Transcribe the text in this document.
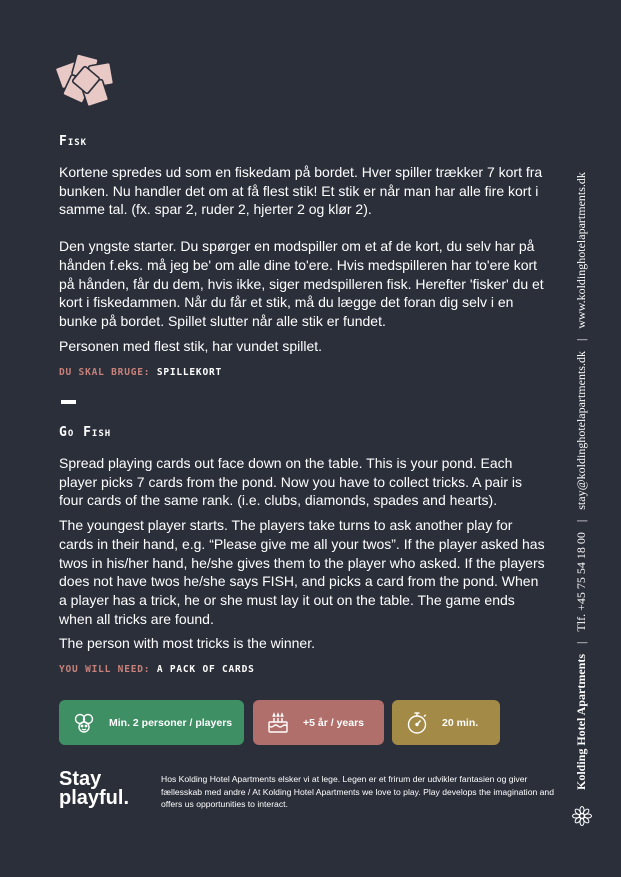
Fisk

Kortene spredes ud som en fiskedam på bordet. Hver spiller trækker 7 kort fra bunken. Nu handler det om at få flest stik! Et stik er når man har alle fire kort i samme tal. (fx. spar 2, ruder 2, hjerter 2 og klør 2).

Den yngste starter. Du spørger en modspiller om et af de kort, du selv har på hånden f.eks. må jeg be' om alle dine to'ere. Hvis medspilleren har to'ere kort på hånden, får du dem, hvis ikke, siger medspilleren fisk. Herefter 'fisker' du et kort i fiskedammen. Når du får et stik, må du lægge det foran dig selv i en bunke på bordet. Spillet slutter når alle stik er fundet.

Personen med flest stik, har vundet spillet.

DU SKAL BRUGE: SPILLEKORT
Go Fish

Spread playing cards out face down on the table. This is your pond. Each player picks 7 cards from the pond. Now you have to collect tricks. A pair is four cards of the same rank. (i.e. clubs, diamonds, spades and hearts).

The youngest player starts. The players take turns to ask another play for cards in their hand, e.g. “Please give me all your twos”. If the player asked has twos in his/her hand, he/she gives them to the player who asked. If the players does not have twos he/she says FISH, and picks a card from the pond. When a player has a trick, he or she must lay it out on the table. The game ends when all tricks are found.

The person with most tricks is the winner.

YOU WILL NEED: A PACK OF CARDS
Min. 2 personer / players	+5 år / years	20 min.
Stay
playful.
Hos Kolding Hotel Apartments elsker vi at lege. Legen er et frirum der udvikler fantasien og giver fællesskab med andre / At Kolding Hotel Apartments we love to play. Play develops the imagination and offers us opportunities to interact.
Kolding Hotel Apartments|Tlf. +45 75 54 18 00|stay@koldinghotelapartments.dk|www.koldinghotelapartments.dk
